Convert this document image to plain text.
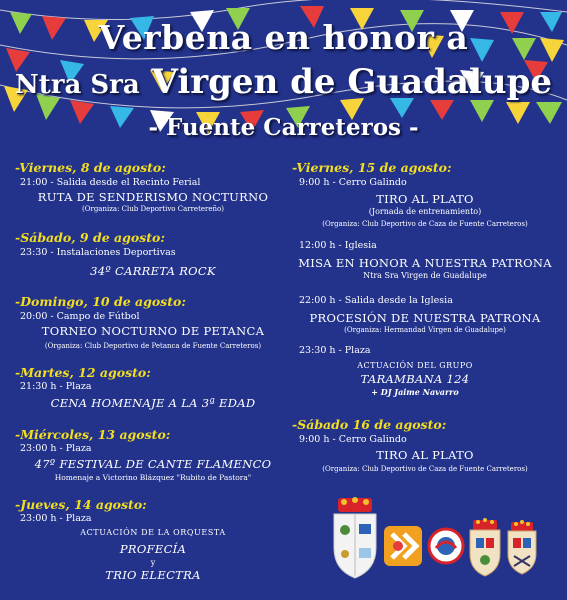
Verbena en honor a
Ntra Sra Virgen de Guadalupe
- Fuente Carreteros -
-Viernes, 8 de agosto:
21:00 - Salida desde el Recinto Ferial
RUTA DE SENDERISMO NOCTURNO
(Organiza: Club Deportivo Carretereño)
-Sábado, 9 de agosto:
23:30 - Instalaciones Deportivas
34º CARRETA ROCK
-Domingo, 10 de agosto:
20:00 - Campo de Fútbol
TORNEO NOCTURNO DE PETANCA
(Organiza: Club Deportivo de Petanca de Fuente Carreteros)
-Martes, 12 agosto:
21:30 h - Plaza
CENA HOMENAJE A LA 3ª EDAD
-Miércoles, 13 agosto:
23:00 h - Plaza
47º FESTIVAL DE CANTE FLAMENCO
Homenaje a Victorino Blázquez "Rubito de Pastora"
-Jueves, 14 agosto:
23:00 h - Plaza
ACTUACIÓN DE LA ORQUESTA
PROFECÍA
y
TRIO ELECTRA
-Viernes, 15 de agosto:
9:00 h - Cerro Galindo
TIRO AL PLATO
(Jornada de entrenamiento)
(Organiza: Club Deportivo de Caza de Fuente Carreteros)
12:00 h - Iglesia
MISA EN HONOR A NUESTRA PATRONA
Ntra Sra Virgen de Guadalupe
22:00 h - Salida desde la Iglesia
PROCESIÓN DE NUESTRA PATRONA
(Organiza: Hermandad Virgen de Guadalupe)
23:30 h - Plaza
ACTUACIÓN DEL GRUPO
TARAMBANA 124
+ DJ Jaime Navarro
-Sábado 16 de agosto:
9:00 h - Cerro Galindo
TIRO AL PLATO
(Organiza: Club Deportivo de Caza de Fuente Carreteros)
